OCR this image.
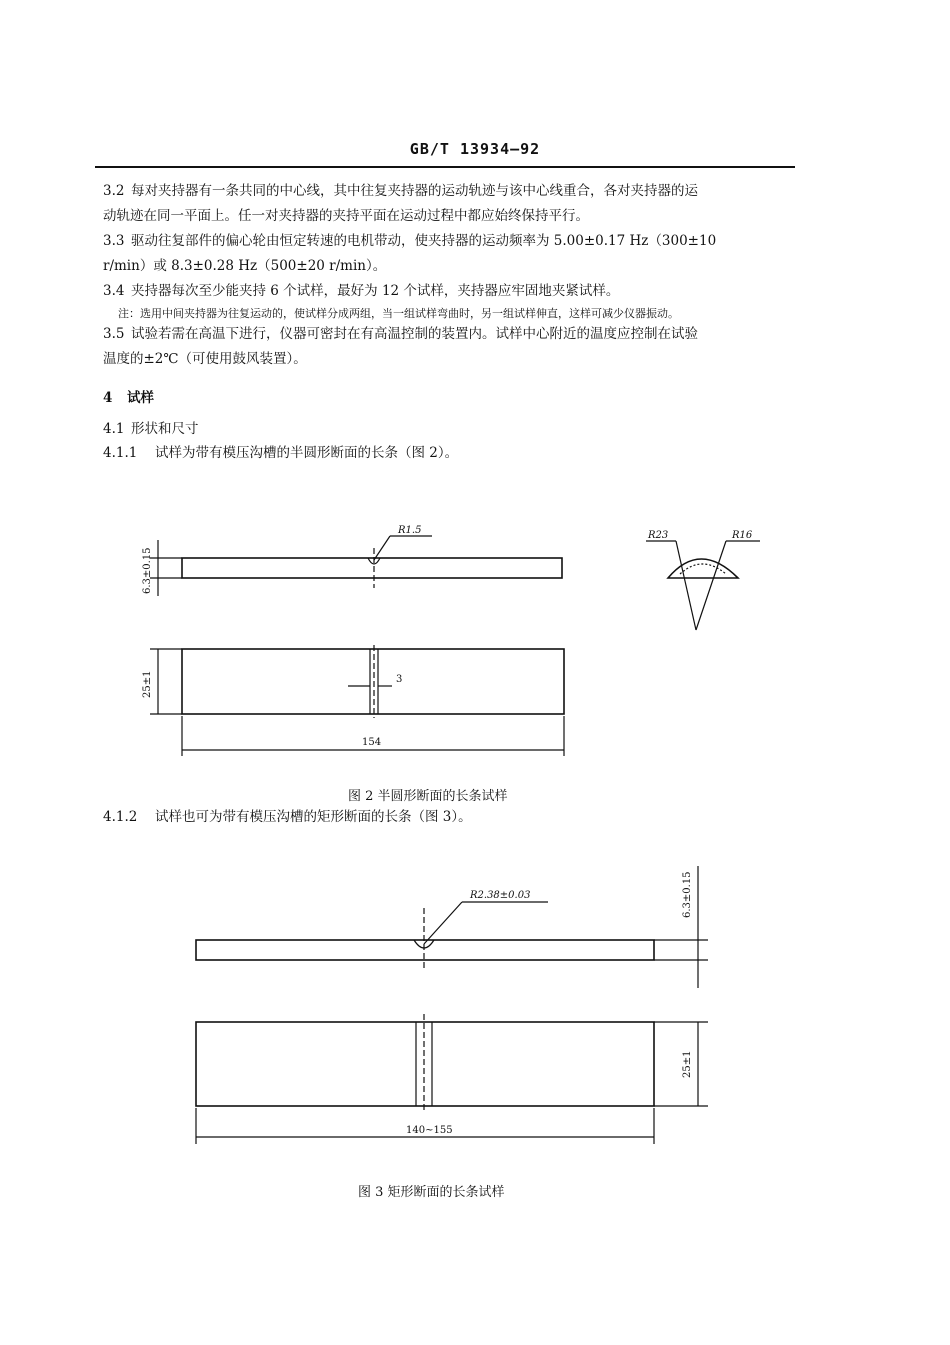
GB/T 13934—92
3.2 每对夹持器有一条共同的中心线，其中往复夹持器的运动轨迹与该中心线重合，各对夹持器的运
动轨迹在同一平面上。任一对夹持器的夹持平面在运动过程中都应始终保持平行。
3.3 驱动往复部件的偏心轮由恒定转速的电机带动，使夹持器的运动频率为 5.00±0.17 Hz（300±10
r/min）或 8.3±0.28 Hz（500±20 r/min）。
3.4 夹持器每次至少能夹持 6 个试样，最好为 12 个试样，夹持器应牢固地夹紧试样。
注：选用中间夹持器为往复运动的，使试样分成两组，当一组试样弯曲时，另一组试样伸直，这样可减少仪器振动。
3.5 试验若需在高温下进行，仪器可密封在有高温控制的装置内。试样中心附近的温度应控制在试验
温度的±2℃（可使用鼓风装置）。
4 试样
4.1 形状和尺寸
4.1.1 试样为带有模压沟槽的半圆形断面的长条（图 2）。
R1.5
6.3±0.15
25±1	3
154
R23	R16
图 2 半圆形断面的长条试样
4.1.2 试样也可为带有模压沟槽的矩形断面的长条（图 3）。
R2.38±0.03	6.3±0.15
25±1
140~155
图 3 矩形断面的长条试样
